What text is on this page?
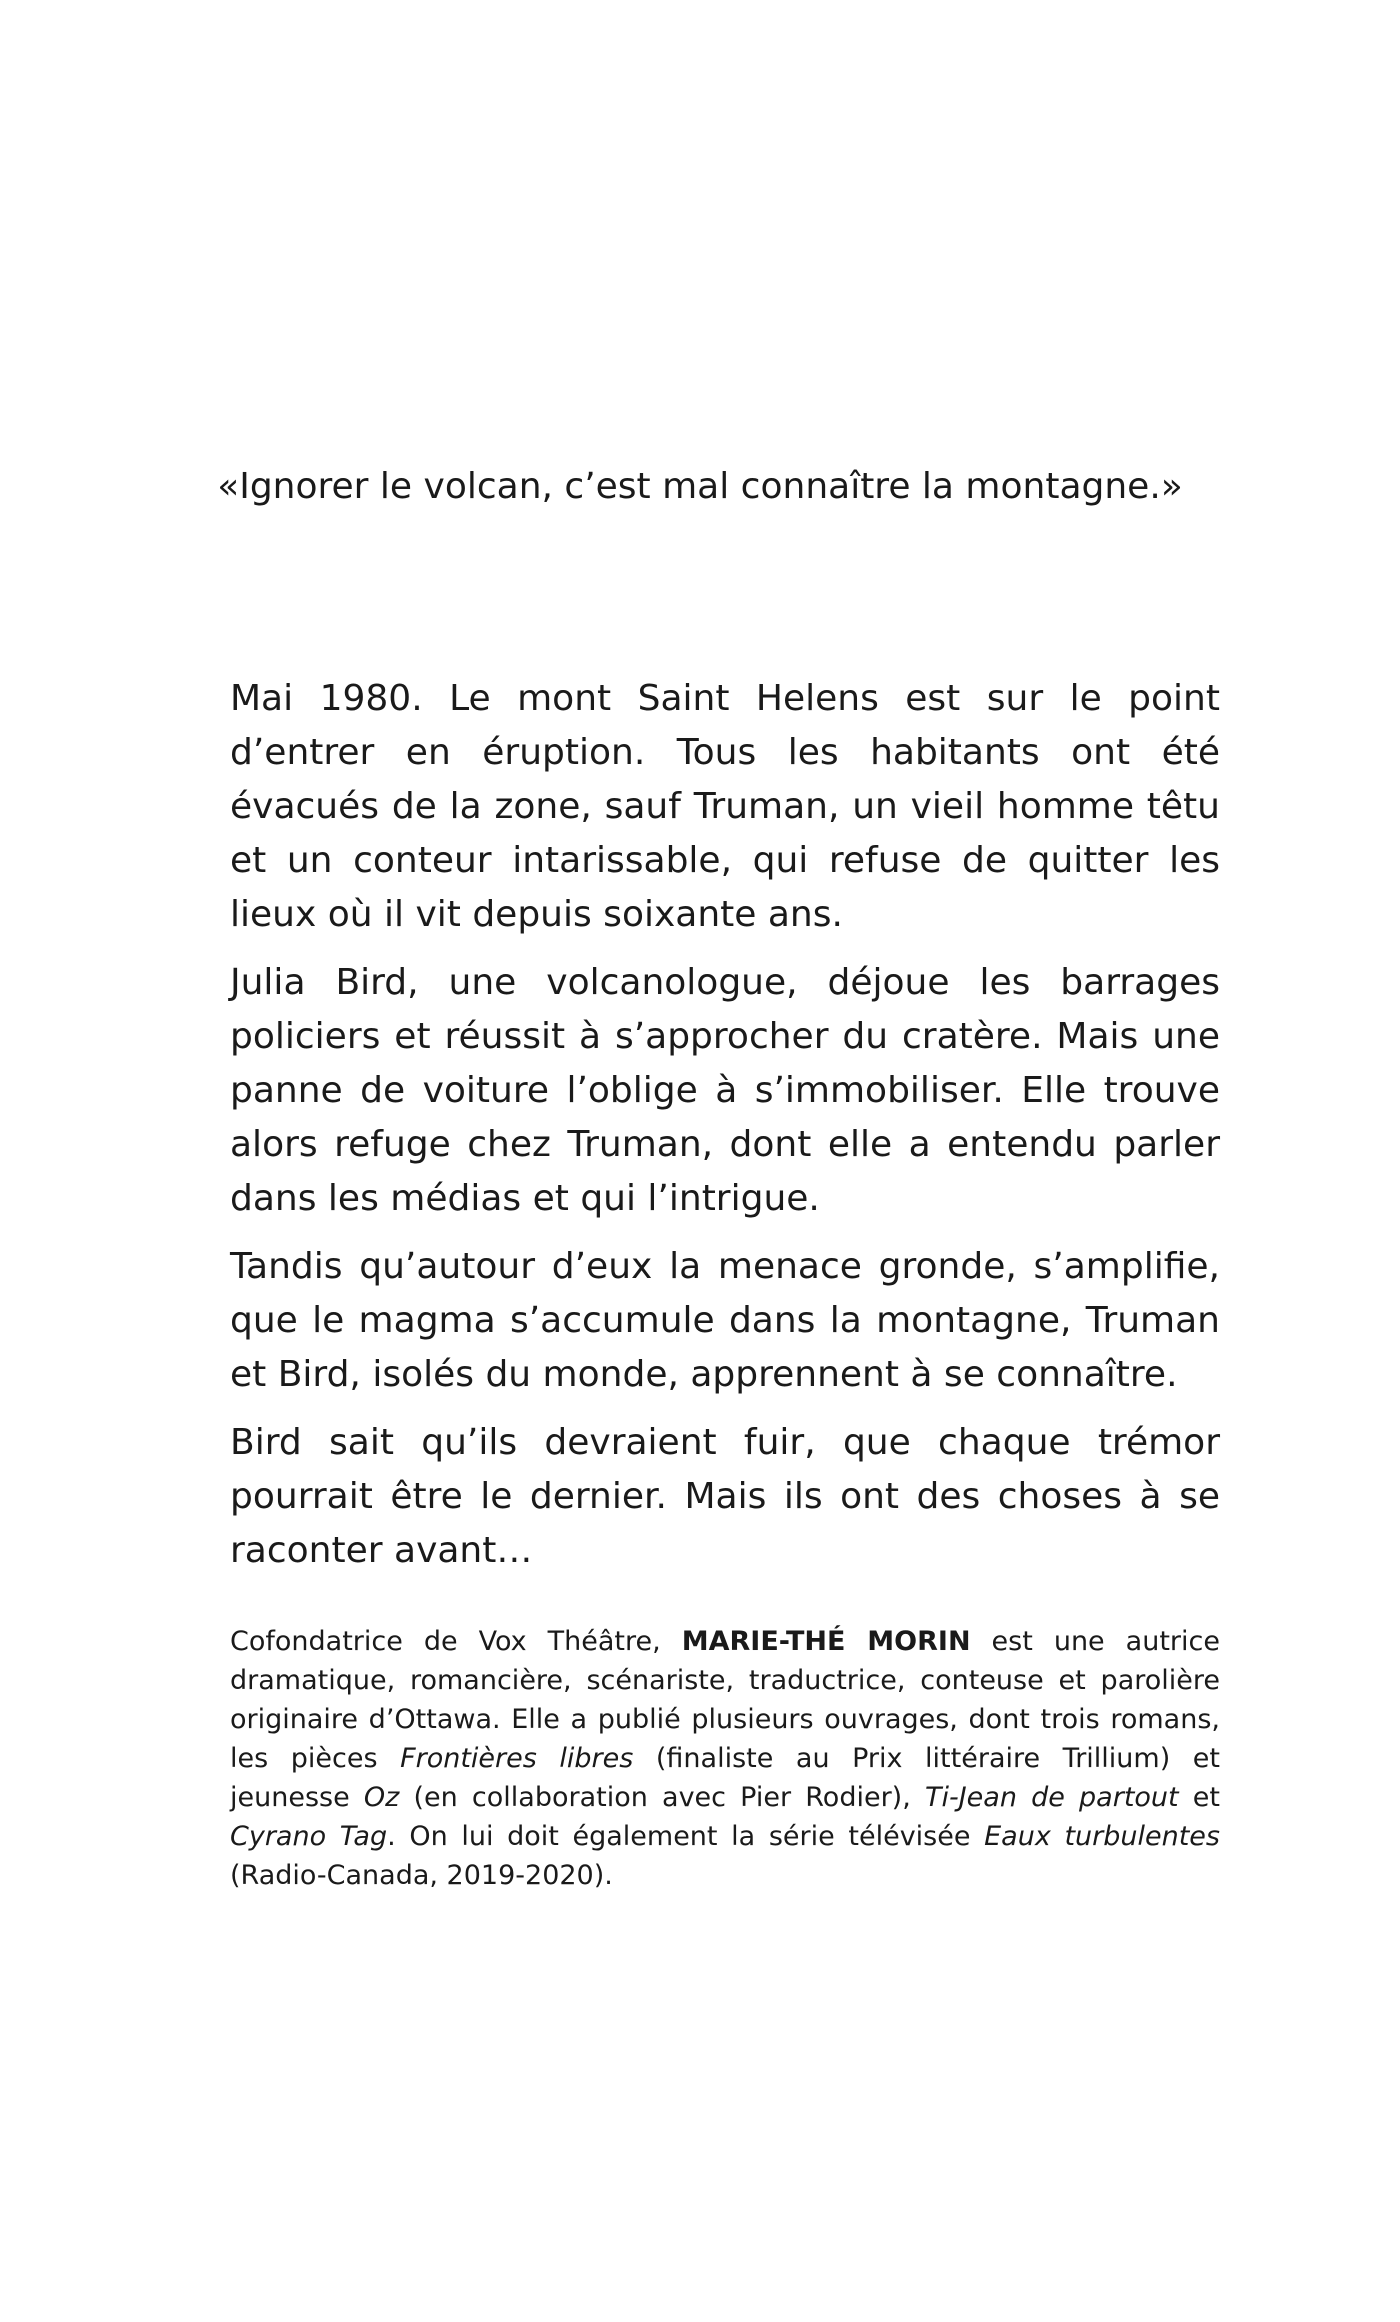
«Ignorer le volcan, c’est mal connaître la montagne.»

Mai 1980. Le mont Saint Helens est sur le point d’entrer en éruption. Tous les habitants ont été évacués de la zone, sauf Truman, un vieil homme têtu et un conteur intarissable, qui refuse de quitter les lieux où il vit depuis soixante ans.

Julia Bird, une volcanologue, déjoue les barrages policiers et réussit à s’approcher du cratère. Mais une panne de voiture l’oblige à s’immobiliser. Elle trouve alors refuge chez Truman, dont elle a entendu parler dans les médias et qui l’intrigue.

Tandis qu’autour d’eux la menace gronde, s’amplifie, que le magma s’accumule dans la montagne, Truman et Bird, isolés du monde, apprennent à se connaître.

Bird sait qu’ils devraient fuir, que chaque trémor pourrait être le dernier. Mais ils ont des choses à se raconter avant…

Cofondatrice de Vox Théâtre, MARIE-THÉ MORIN est une autrice dramatique, romancière, scénariste, traductrice, conteuse et parolière originaire d’Ottawa. Elle a publié plusieurs ouvrages, dont trois romans, les pièces Frontières libres (finaliste au Prix littéraire Trillium) et jeunesse Oz (en collaboration avec Pier Rodier), Ti-Jean de partout et Cyrano Tag. On lui doit également la série télévisée Eaux turbulentes (Radio-Canada, 2019-2020).
